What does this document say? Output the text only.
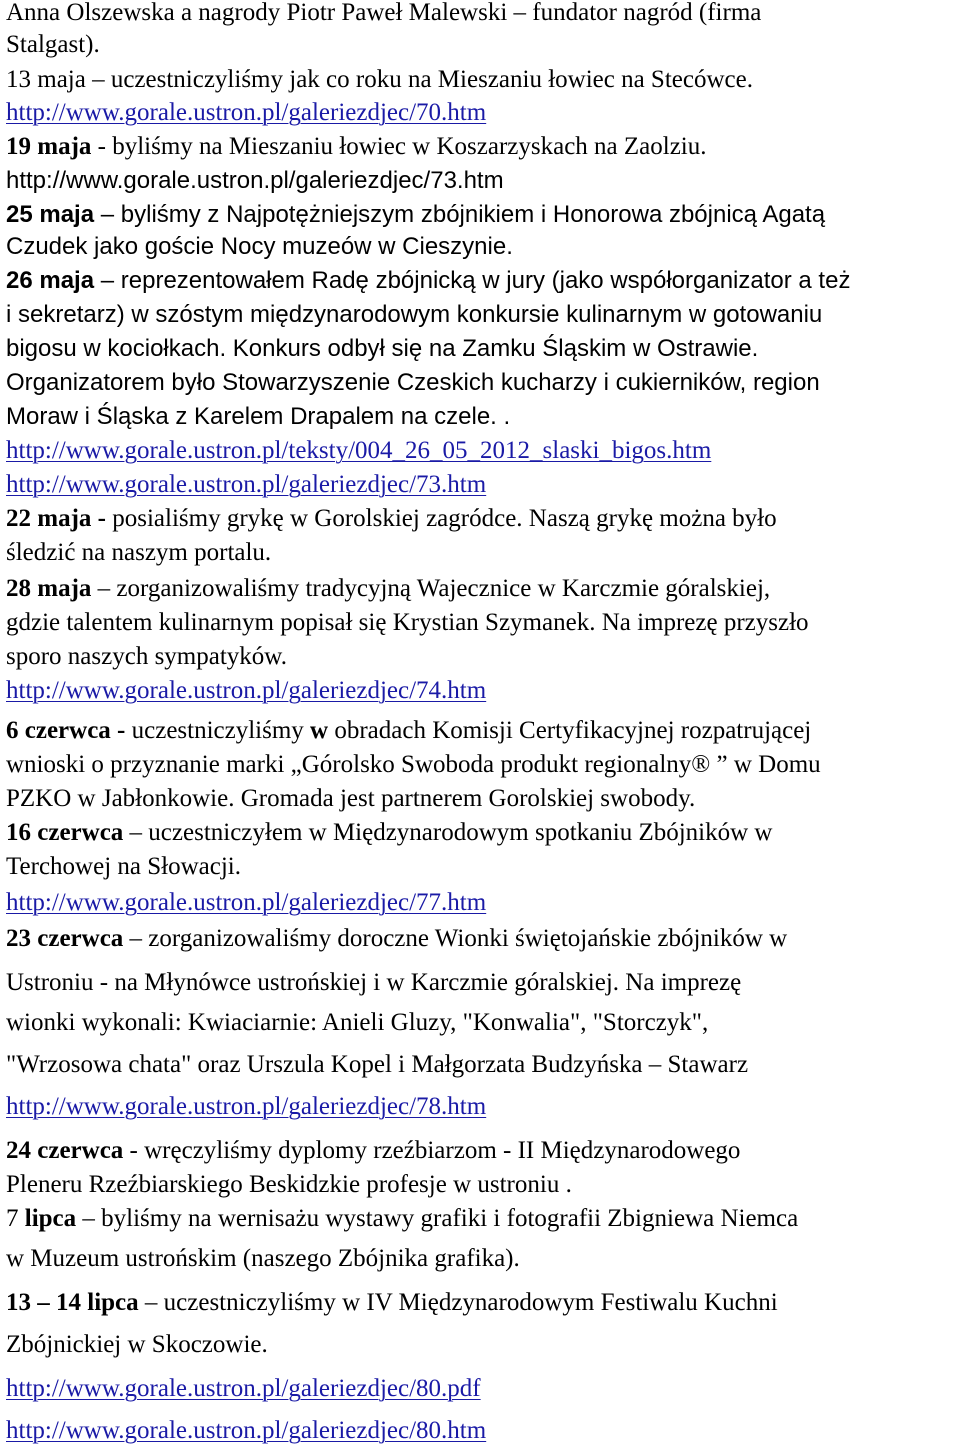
Anna Olszewska a nagrody Piotr Paweł Malewski – fundator nagród (firma
Stalgast).
13 maja – uczestniczyliśmy jak co roku na Mieszaniu łowiec na Stecówce.
http://www.gorale.ustron.pl/galeriezdjec/70.htm
19 maja - byliśmy na Mieszaniu łowiec w Koszarzyskach na Zaolziu.
http://www.gorale.ustron.pl/galeriezdjec/73.htm
25 maja – byliśmy z Najpotężniejszym zbójnikiem i Honorowa zbójnicą Agatą
Czudek jako goście Nocy muzeów w Cieszynie.
26 maja – reprezentowałem Radę zbójnicką w jury (jako współorganizator a też
i sekretarz) w szóstym międzynarodowym konkursie kulinarnym w gotowaniu
bigosu w kociołkach. Konkurs odbył się na Zamku Śląskim w Ostrawie.
Organizatorem było Stowarzyszenie Czeskich kucharzy i cukierników, region
Moraw i Śląska z Karelem Drapalem na czele. .
http://www.gorale.ustron.pl/teksty/004_26_05_2012_slaski_bigos.htm
http://www.gorale.ustron.pl/galeriezdjec/73.htm
22 maja - posialiśmy grykę w Gorolskiej zagródce. Naszą grykę można było
śledzić na naszym portalu.
28 maja – zorganizowaliśmy tradycyjną Wajecznice w Karczmie góralskiej,
gdzie talentem kulinarnym popisał się Krystian Szymanek. Na imprezę przyszło
sporo naszych sympatyków.
http://www.gorale.ustron.pl/galeriezdjec/74.htm
6 czerwca - uczestniczyliśmy w obradach Komisji Certyfikacyjnej rozpatrującej
wnioski o przyznanie marki „Górolsko Swoboda produkt regionalny® ” w Domu
PZKO w Jabłonkowie. Gromada jest partnerem Gorolskiej swobody.
16 czerwca – uczestniczyłem w Międzynarodowym spotkaniu Zbójników w
Terchowej na Słowacji.
http://www.gorale.ustron.pl/galeriezdjec/77.htm
23 czerwca – zorganizowaliśmy doroczne Wionki świętojańskie zbójników w
Ustroniu - na Młynówce ustrońskiej i w Karczmie góralskiej. Na imprezę
wionki wykonali: Kwiaciarnie: Anieli Gluzy, "Konwalia", "Storczyk",
"Wrzosowa chata" oraz Urszula Kopel i Małgorzata Budzyńska – Stawarz
http://www.gorale.ustron.pl/galeriezdjec/78.htm
24 czerwca - wręczyliśmy dyplomy rzeźbiarzom - II Międzynarodowego
Pleneru Rzeźbiarskiego Beskidzkie profesje w ustroniu .
7 lipca – byliśmy na wernisażu wystawy grafiki i fotografii Zbigniewa Niemca
w Muzeum ustrońskim (naszego Zbójnika grafika).
13 – 14 lipca – uczestniczyliśmy w IV Międzynarodowym Festiwalu Kuchni
Zbójnickiej w Skoczowie.
http://www.gorale.ustron.pl/galeriezdjec/80.pdf
http://www.gorale.ustron.pl/galeriezdjec/80.htm
